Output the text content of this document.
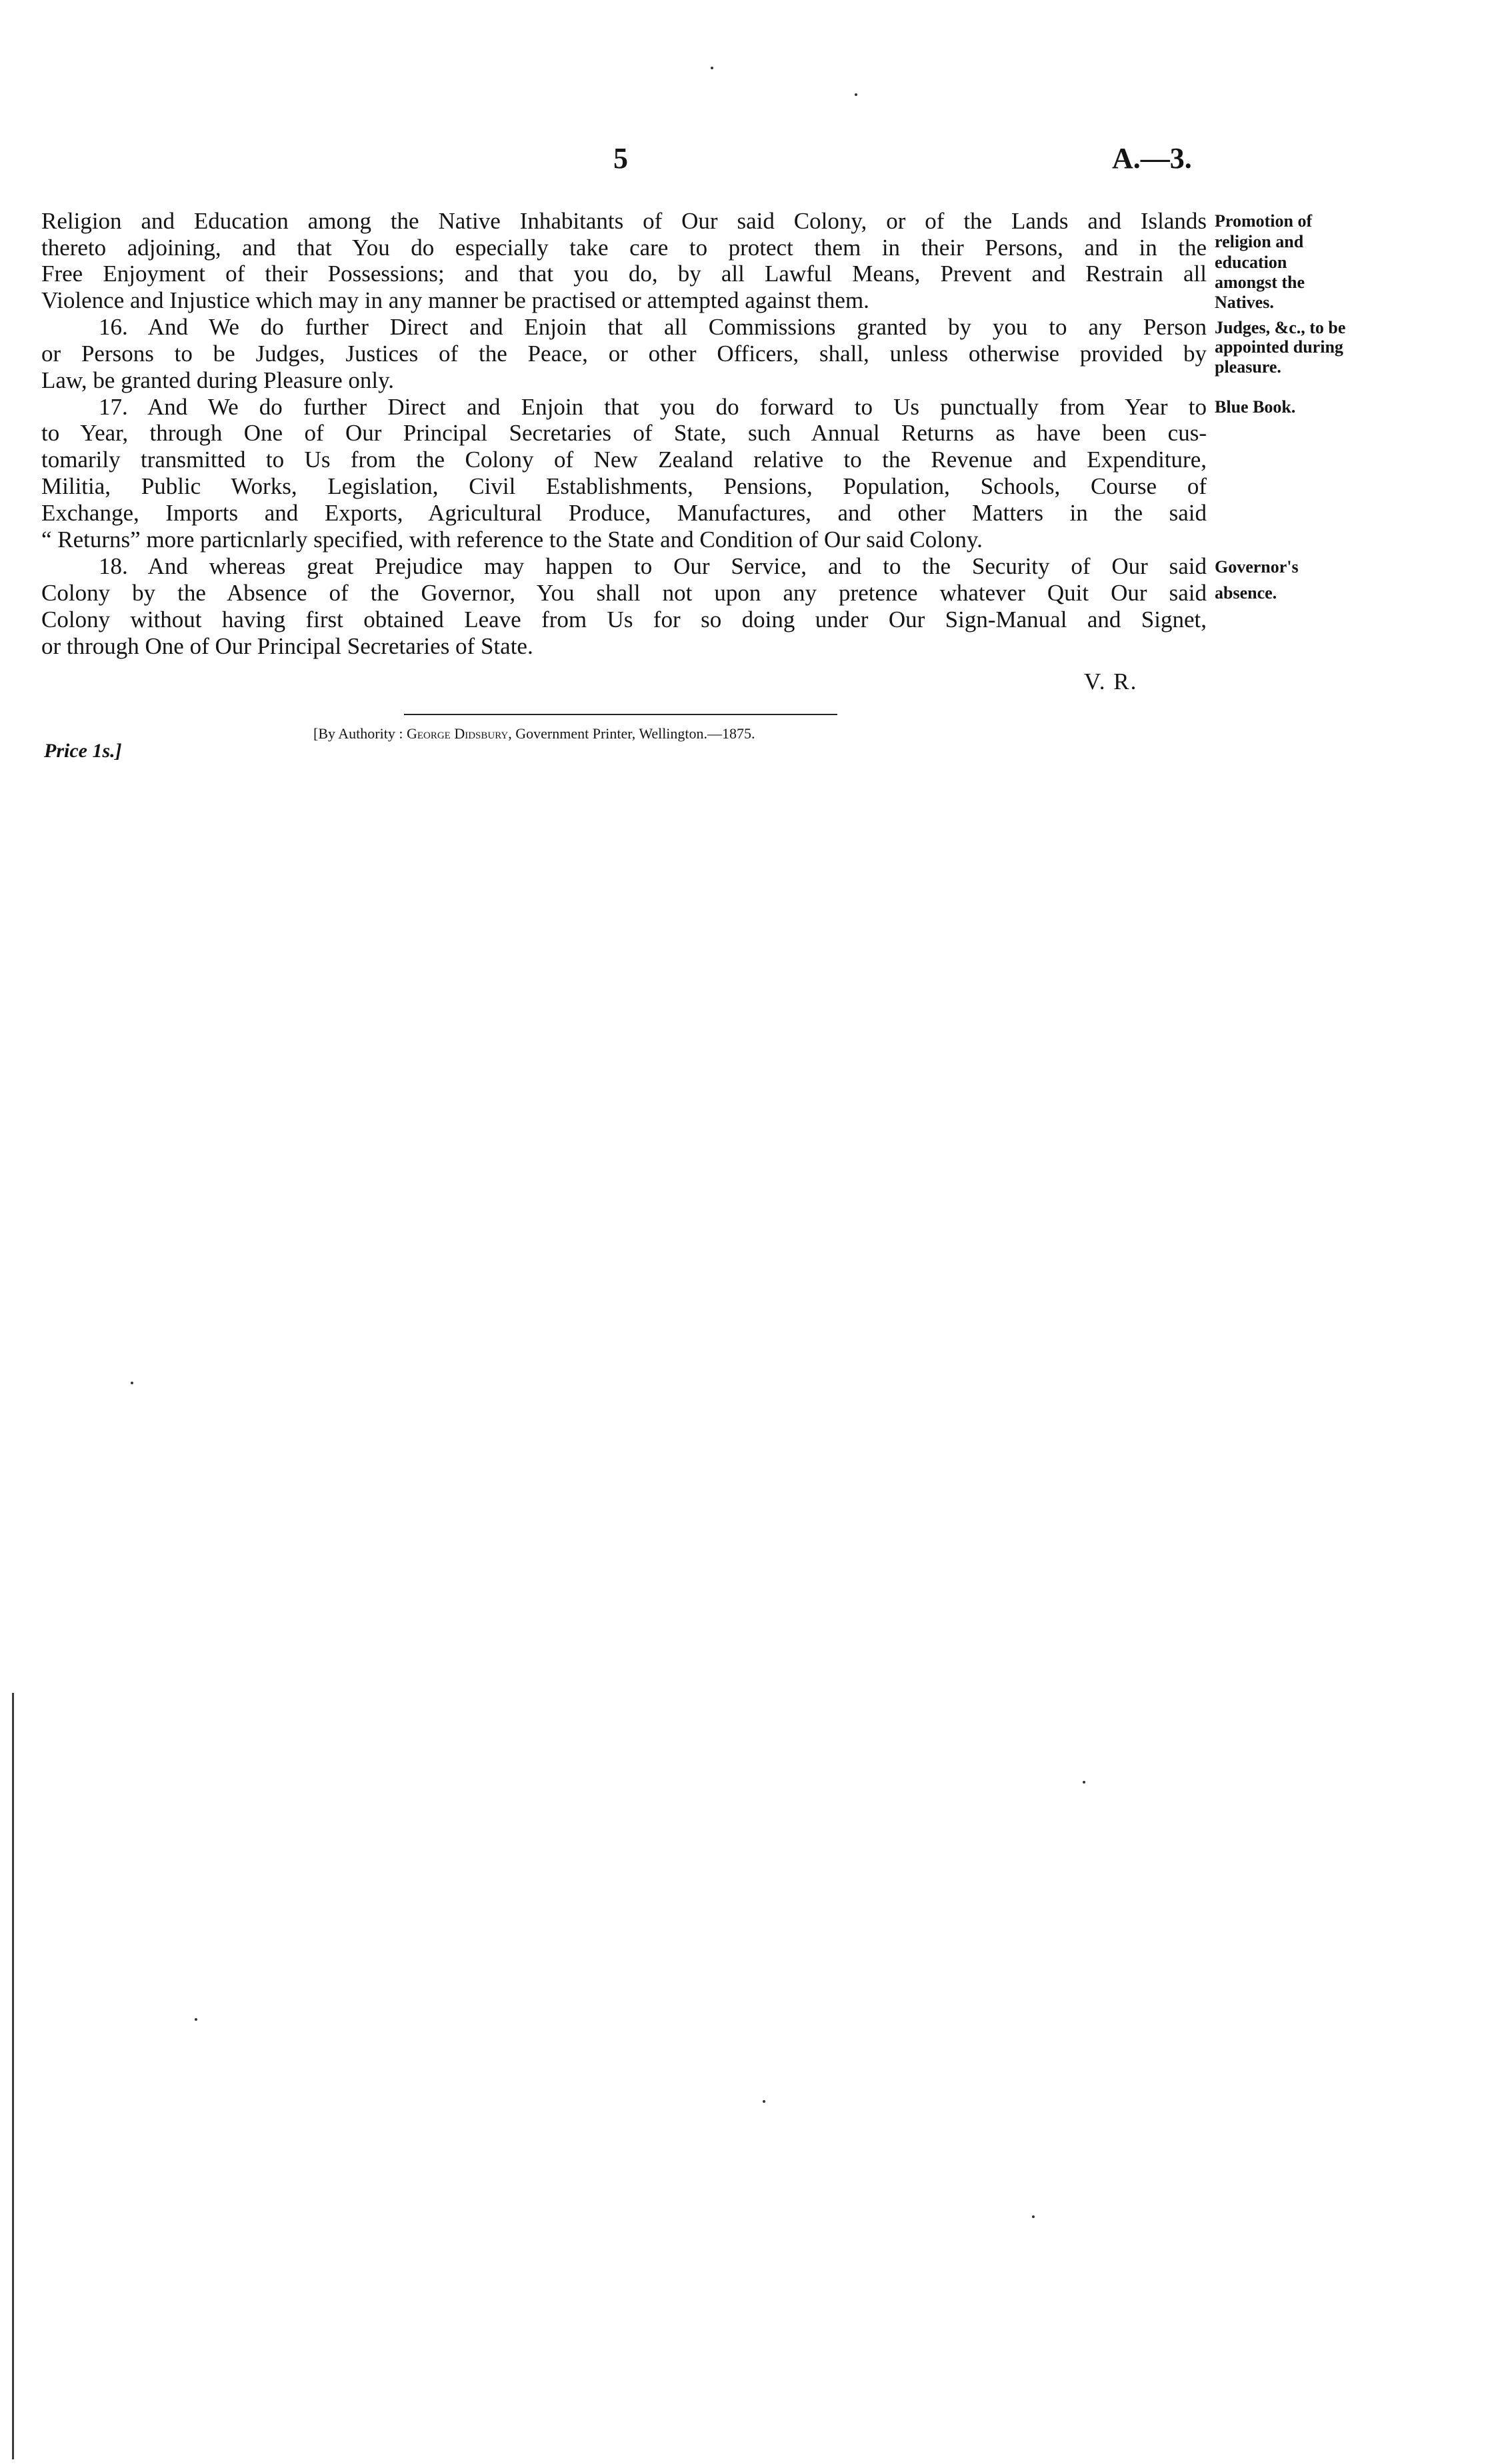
5	A.—3.
Religion and Education among the Native Inhabitants of Our said Colony, or of the Lands and Islands
thereto adjoining, and that You do especially take care to protect them in their Persons, and in the
Free Enjoyment of their Possessions; and that you do, by all Lawful Means, Prevent and Restrain all
Violence and Injustice which may in any manner be practised or attempted against them.
16. And We do further Direct and Enjoin that all Commissions granted by you to any Person
or Persons to be Judges, Justices of the Peace, or other Officers, shall, unless otherwise provided by
Law, be granted during Pleasure only.
17. And We do further Direct and Enjoin that you do forward to Us punctually from Year to
to Year, through One of Our Principal Secretaries of State, such Annual Returns as have been cus-
tomarily transmitted to Us from the Colony of New Zealand relative to the Revenue and Expenditure,
Militia, Public Works, Legislation, Civil Establishments, Pensions, Population, Schools, Course of
Exchange, Imports and Exports, Agricultural Produce, Manufactures, and other Matters in the said
“ Returns” more particnlarly specified, with reference to the State and Condition of Our said Colony.
18. And whereas great Prejudice may happen to Our Service, and to the Security of Our said
Colony by the Absence of the Governor, You shall not upon any pretence whatever Quit Our said
Colony without having first obtained Leave from Us for so doing under Our Sign-Manual and Signet,
or through One of Our Principal Secretaries of State.
Promotion of
religion and
education
amongst the
Natives.
Judges, &c., to be
appointed during
pleasure.
Blue Book.
Governor's
absence.
V. R.
[By Authority : George Didsbury, Government Printer, Wellington.—1875.
Price 1s.]
